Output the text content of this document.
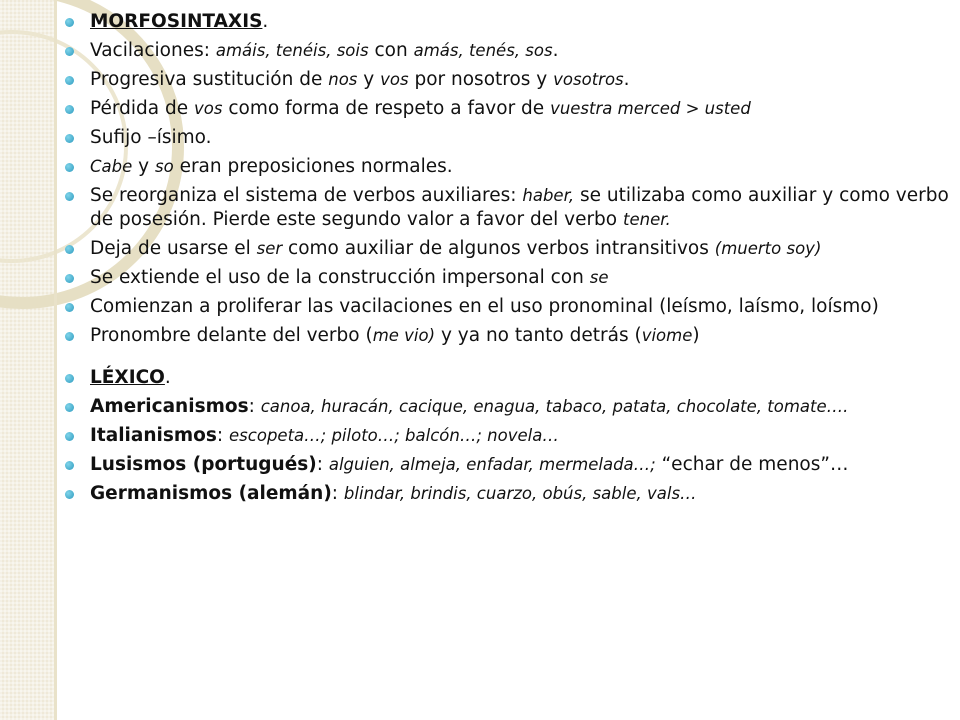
MORFOSINTAXIS.
Vacilaciones: amáis, tenéis, sois con amás, tenés, sos.
Progresiva sustitución de nos y vos por nosotros y vosotros.
Pérdida de vos como forma de respeto a favor de vuestra merced > usted
Sufijo –ísimo.
Cabe y so eran preposiciones normales.
Se reorganiza el sistema de verbos auxiliares: haber, se utilizaba como auxiliar y como verbo de posesión. Pierde este segundo valor a favor del verbo tener.
Deja de usarse el ser como auxiliar de algunos verbos intransitivos (muerto soy)
Se extiende el uso de la construcción impersonal con se
Comienzan a proliferar las vacilaciones en el uso pronominal (leísmo, laísmo, loísmo)
Pronombre delante del verbo (me vio) y ya no tanto detrás (viome)
LÉXICO.
Americanismos: canoa, huracán, cacique, enagua, tabaco, patata, chocolate, tomate….
Italianismos: escopeta…; piloto…; balcón…; novela…
Lusismos (portugués): alguien, almeja, enfadar, mermelada…; “echar de menos”…
Germanismos (alemán): blindar, brindis, cuarzo, obús, sable, vals…
